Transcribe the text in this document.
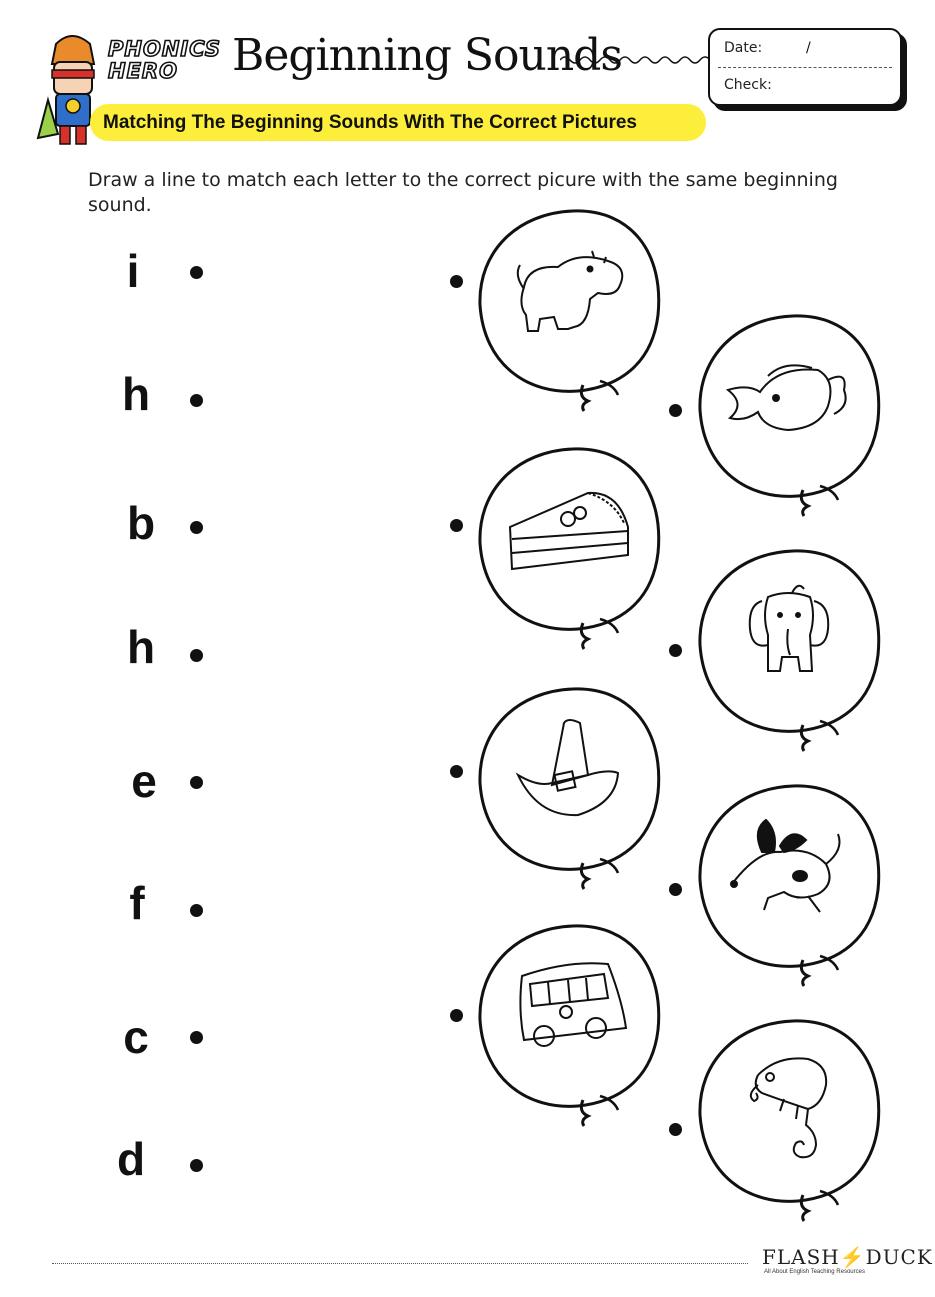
PHONICS
HERO	Beginning Sounds	Date:	/
Check:
Matching The Beginning Sounds With The Correct Pictures
Draw a line to match each letter to the correct picure with the same beginning sound.
i
h
b
h
e
f
c
d
FLASH⚡DUCK
All About English Teaching Resources
